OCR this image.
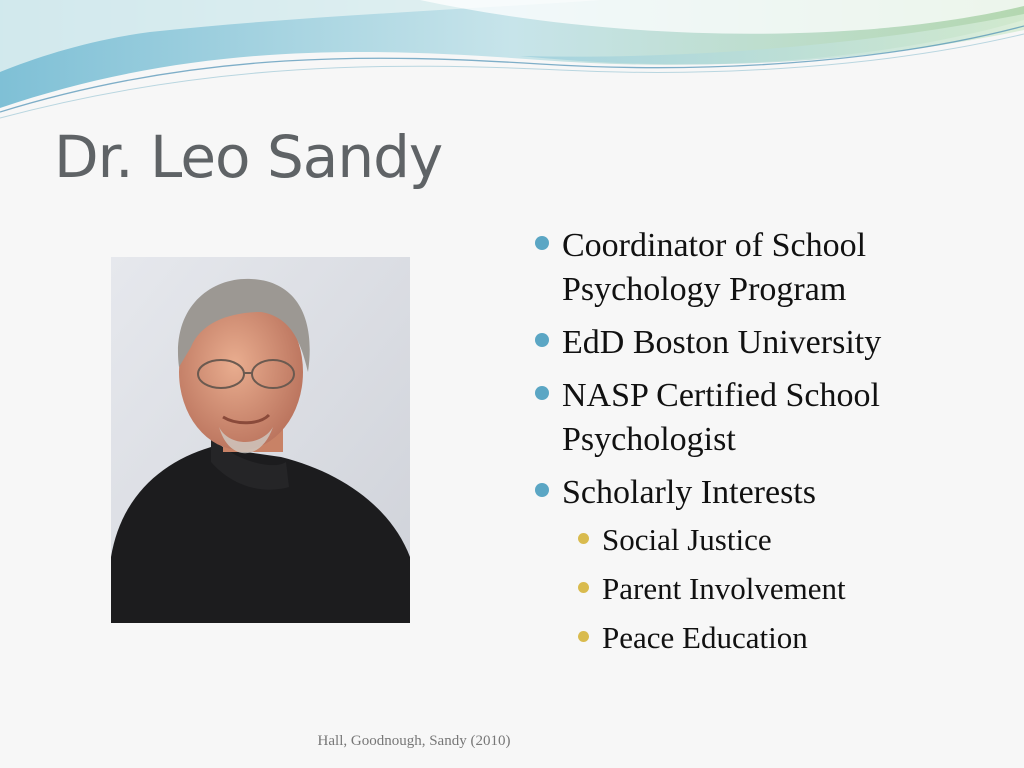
Dr. Leo Sandy
Coordinator of School Psychology Program
EdD Boston University
NASP Certified School Psychologist
Scholarly Interests
Social Justice
Parent Involvement
Peace Education
Hall, Goodnough, Sandy (2010)
